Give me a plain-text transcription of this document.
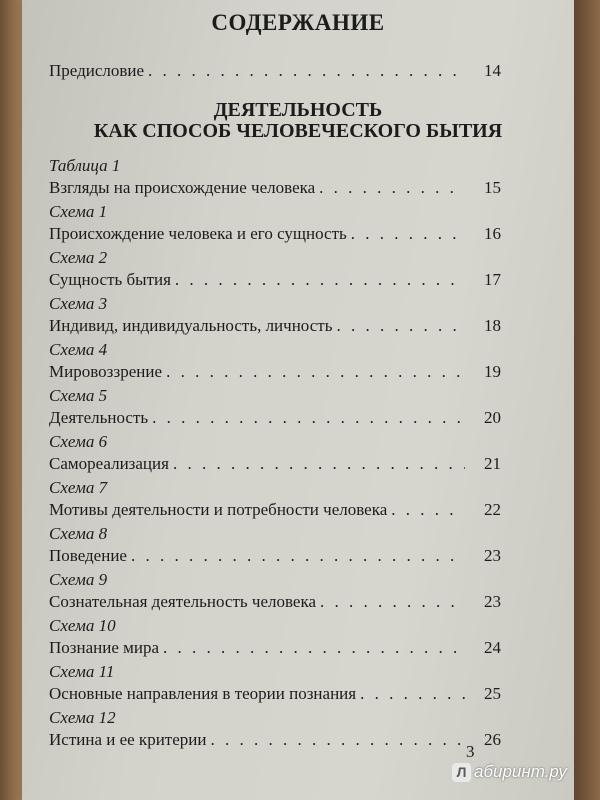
СОДЕРЖАНИЕ
Предисловие . . .	14
ДЕЯТЕЛЬНОСТЬ
КАК СПОСОБ ЧЕЛОВЕЧЕСКОГО БЫТИЯ
Таблица 1
Взгляды на происхождение человека . . .	15
Схема 1
Происхождение человека и его сущность . . .	16
Схема 2
Сущность бытия . . .	17
Схема 3
Индивид, индивидуальность, личность . . .	18
Схема 4
Мировоззрение . . .	19
Схема 5
Деятельность . . .	20
Схема 6
Самореализация . . .	21
Схема 7
Мотивы деятельности и потребности человека . . .	22
Схема 8
Поведение . . .	23
Схема 9
Сознательная деятельность человека . . .	23
Схема 10
Познание мира . . .	24
Схема 11
Основные направления в теории познания . . .	25
Схема 12
Истина и ее критерии . . .	26
3
Л абиринт.ру
